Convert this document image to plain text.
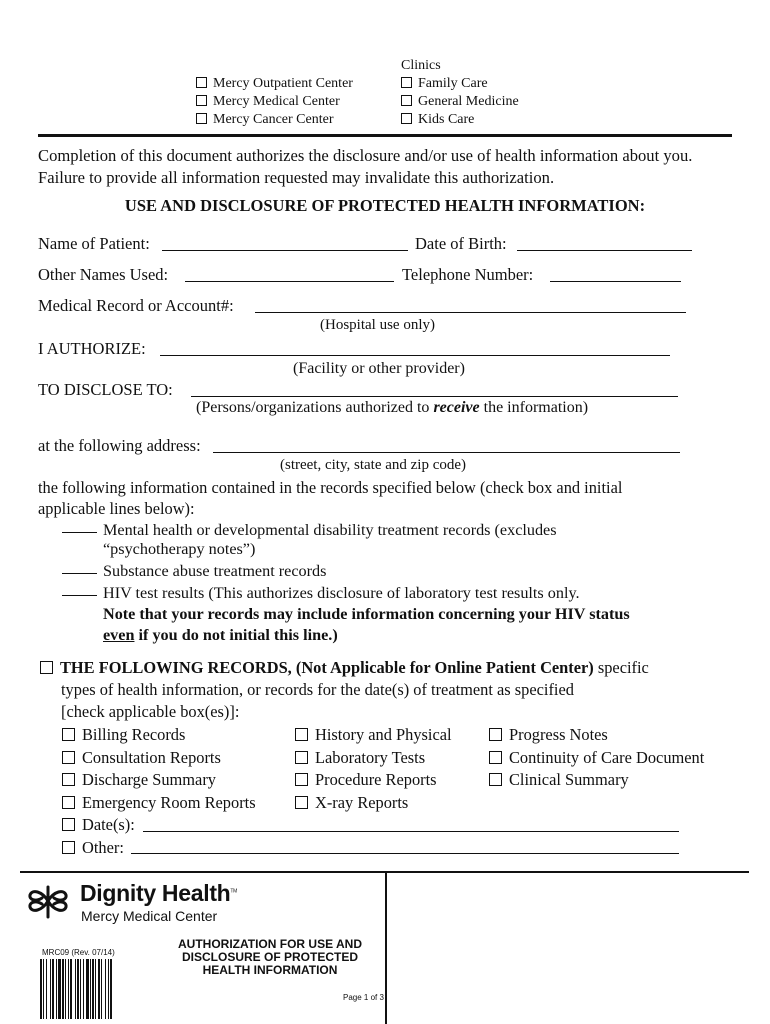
Mercy Outpatient Center
Mercy Medical Center
Mercy Cancer Center
Clinics
Family Care
General Medicine
Kids Care
Completion of this document authorizes the disclosure and/or use of health information about you.
Failure to provide all information requested may invalidate this authorization.
USE AND DISCLOSURE OF PROTECTED HEALTH INFORMATION:
Name of Patient:	Date of Birth:
Other Names Used:	Telephone Number:
Medical Record or Account#:
(Hospital use only)
I AUTHORIZE:
(Facility or other provider)
TO DISCLOSE TO:
(Persons/organizations authorized to receive the information)
at the following address:
(street, city, state and zip code)
the following information contained in the records specified below (check box and initial
applicable lines below):
Mental health or developmental disability treatment records (excludes
“psychotherapy notes”)
Substance abuse treatment records
HIV test results (This authorizes disclosure of laboratory test results only.
Note that your records may include information concerning your HIV status
even if you do not initial this line.)
THE FOLLOWING RECORDS, (Not Applicable for Online Patient Center) specific
types of health information, or records for the date(s) of treatment as specified
[check applicable box(es)]:
Billing Records
Consultation Reports
Discharge Summary
Emergency Room Reports
Date(s):
Other:
History and Physical
Laboratory Tests
Procedure Reports
X-ray Reports
Progress Notes
Continuity of Care Document
Clinical Summary
Dignity Health™
Mercy Medical Center
MRC09 (Rev. 07/14)
AUTHORIZATION FOR USE AND
DISCLOSURE OF PROTECTED
HEALTH INFORMATION
Page 1 of 3
